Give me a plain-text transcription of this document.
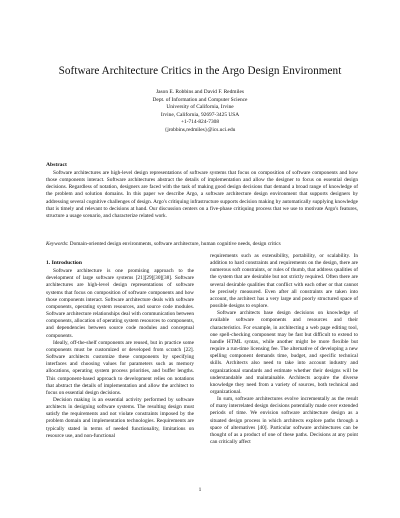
Software Architecture Critics in the Argo Design Environment
Jason E. Robbins and David F. Redmiles
Dept. of Information and Computer Science
University of California, Irvine
Irvine, California, 92697-3425 USA
+1-714-824-7308
{jrobbins,redmiles}@ics.uci.edu
Abstract
Software architectures are high-level design representations of software systems that focus on composition of software components and how those components interact. Software architectures abstract the details of implementation and allow the designer to focus on essential design decisions. Regardless of notation, designers are faced with the task of making good design decisions that demand a broad range of knowledge of the problem and solution domains. In this paper we describe Argo, a software architecture design environment that supports designers by addressing several cognitive challenges of design. Argo's critiquing infrastructure supports decision making by automatically supplying knowledge that is timely and relevant to decisions at hand. Our discussion centers on a five-phase critiquing process that we use to motivate Argo's features, structure a usage scenario, and characterize related work.
Keywords: Domain-oriented design environments, software architecture, human cognitive needs, design critics
1. Introduction

Software architecture is one promising approach to the development of large software systems [21][29][30][38]. Software architectures are high-level design representations of software systems that focus on composition of software components and how those components interact. Software architecture deals with software components, operating system resources, and source code modules. Software architecture relationships deal with communication between components, allocation of operating system resources to components, and dependencies between source code modules and conceptual components.

Ideally, off-the-shelf components are reused, but in practice some components must be customized or developed from scratch [22]. Software architects customize these components by specifying interfaces and choosing values for parameters such as memory allocations, operating system process priorities, and buffer lengths. This component-based approach to development relies on notations that abstract the details of implementation and allow the architect to focus on essential design decisions.

Decision making is an essential activity performed by software architects in designing software systems. The resulting design must satisfy the requirements and not violate constraints imposed by the problem domain and implementation technologies. Requirements are typically stated in terms of needed functionality, limitations on resource use, and non-functional

requirements such as extensibility, portability, or scalability. In addition to hard constraints and requirements on the design, there are numerous soft constraints, or rules of thumb, that address qualities of the system that are desirable but not strictly required. Often there are several desirable qualities that conflict with each other or that cannot be precisely measured. Even after all constraints are taken into account, the architect has a very large and poorly structured space of possible designs to explore.

Software architects base design decisions on knowledge of available software components and resources and their characteristics. For example, in architecting a web page editing tool, one spell-checking component may be fast but difficult to extend to handle HTML syntax, while another might be more flexible but require a run-time licensing fee. The alternative of developing a new spelling component demands time, budget, and specific technical skills. Architects also need to take into account industry and organizational standards and estimate whether their designs will be understandable and maintainable. Architects acquire the diverse knowledge they need from a variety of sources, both technical and organizational.

In sum, software architectures evolve incrementally as the result of many interrelated design decisions potentially made over extended periods of time. We envision software architecture design as a situated design process in which architects explore paths through a space of alternatives [40]. Particular software architectures can be thought of as a product of one of these paths. Decisions at any point can critically affect

1
